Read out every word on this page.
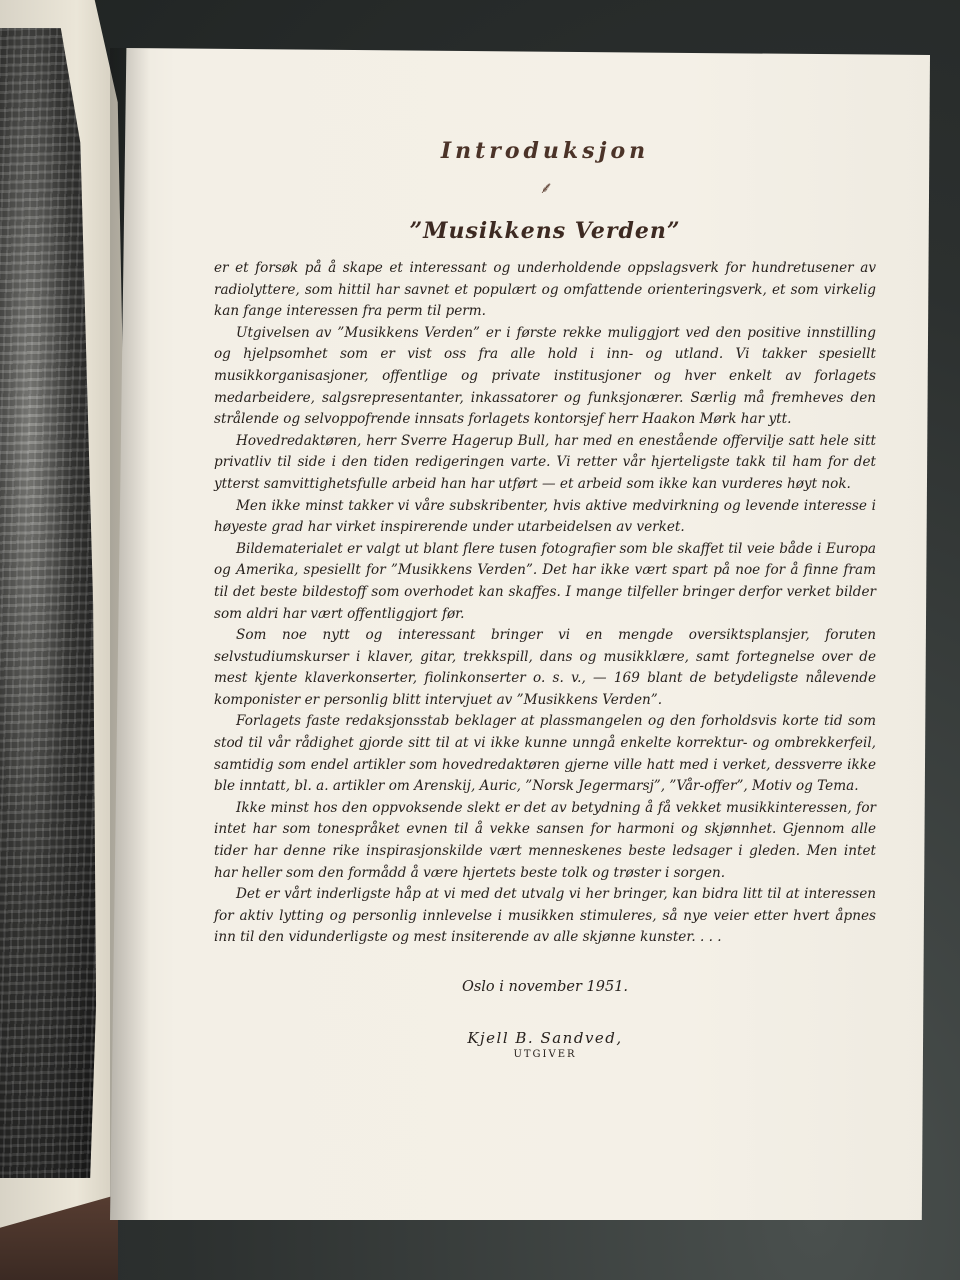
Introduksjon
⸙
”Musikkens Verden”

er et forsøk på å skape et interessant og underholdende oppslagsverk for hundretusener av radiolyttere, som hittil har savnet et populært og omfattende orienteringsverk, et som virkelig kan fange interessen fra perm til perm.

Utgivelsen av ”Musikkens Verden” er i første rekke muliggjort ved den positive innstilling og hjelpsomhet som er vist oss fra alle hold i inn- og utland. Vi takker spesiellt musikkorganisasjoner, offentlige og private institusjoner og hver enkelt av forlagets medarbeidere, salgsrepresentanter, inkassatorer og funksjonærer. Særlig må fremheves den strålende og selvoppofrende innsats forlagets kontorsjef herr Haakon Mørk har ytt.

Hovedredaktøren, herr Sverre Hagerup Bull, har med en enestående offervilje satt hele sitt privatliv til side i den tiden redigeringen varte. Vi retter vår hjerteligste takk til ham for det ytterst samvittighetsfulle arbeid han har utført — et arbeid som ikke kan vurderes høyt nok.

Men ikke minst takker vi våre subskribenter, hvis aktive medvirkning og levende interesse i høyeste grad har virket inspirerende under utarbeidelsen av verket.

Bildematerialet er valgt ut blant flere tusen fotografier som ble skaffet til veie både i Europa og Amerika, spesiellt for ”Musikkens Verden”. Det har ikke vært spart på noe for å finne fram til det beste bildestoff som overhodet kan skaffes. I mange tilfeller bringer derfor verket bilder som aldri har vært offentliggjort før.

Som noe nytt og interessant bringer vi en mengde oversiktsplansjer, foruten selvstudiumskurser i klaver, gitar, trekkspill, dans og musikklære, samt fortegnelse over de mest kjente klaverkonserter, fiolinkonserter o. s. v., — 169 blant de betydeligste nålevende komponister er personlig blitt intervjuet av ”Musikkens Verden”.

Forlagets faste redaksjonsstab beklager at plassmangelen og den forholdsvis korte tid som stod til vår rådighet gjorde sitt til at vi ikke kunne unngå enkelte korrektur- og ombrekkerfeil, samtidig som endel artikler som hovedredaktøren gjerne ville hatt med i verket, dessverre ikke ble inntatt, bl. a. artikler om Arenskij, Auric, ”Norsk Jegermarsj”, ”Vår-offer”, Motiv og Tema.

Ikke minst hos den oppvoksende slekt er det av betydning å få vekket musikkinteressen, for intet har som tonespråket evnen til å vekke sansen for harmoni og skjønnhet. Gjennom alle tider har denne rike inspirasjonskilde vært menneskenes beste ledsager i gleden. Men intet har heller som den formådd å være hjertets beste tolk og trøster i sorgen.

Det er vårt inderligste håp at vi med det utvalg vi her bringer, kan bidra litt til at interessen for aktiv lytting og personlig innlevelse i musikken stimuleres, så nye veier etter hvert åpnes inn til den vidunderligste og mest insiterende av alle skjønne kunster. . . .

Oslo i november 1951.

Kjell B. Sandved,

UTGIVER
